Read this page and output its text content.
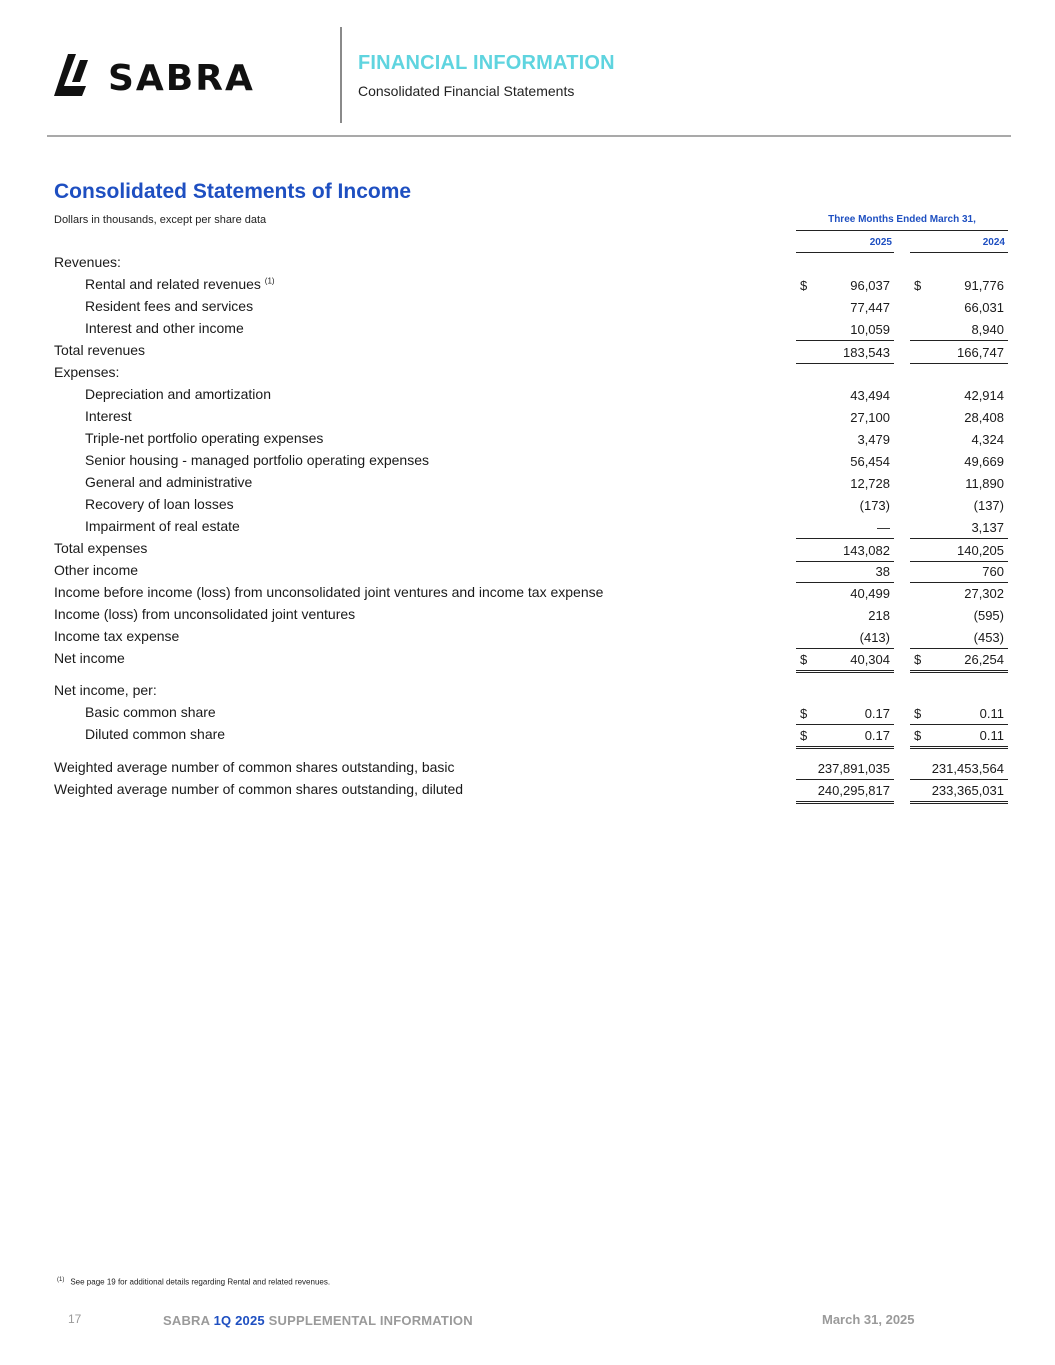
SABRA	FINANCIAL INFORMATION
Consolidated Financial Statements
Consolidated Statements of Income
Dollars in thousands, except per share data	Three Months Ended March 31,
2025	2024
Revenues:
Rental and related revenues $^{(1)}$	$	96,037 $	91,776
Resident fees and services	77,447	66,031
Interest and other income	10,059	8,940
Total revenues	183,543	166,747
Expenses:
Depreciation and amortization	43,494	42,914
Interest	27,100	28,408
Triple-net portfolio operating expenses	3,479	4,324
Senior housing - managed portfolio operating expenses	56,454	49,669
General and administrative	12,728	11,890
Recovery of loan losses	(173)	(137)
Impairment of real estate	—	3,137
Total expenses	143,082	140,205
Other income	38	760
Income before income (loss) from unconsolidated joint ventures and income tax expense	40,499	27,302
Income (loss) from unconsolidated joint ventures	218	(595)
Income tax expense	(413)	(453)
Net income	$	40,304 $	26,254
Net income, per:
Basic common share	$	0.17 $	0.11
Diluted common share	$	0.17 $	0.11
Weighted average number of common shares outstanding, basic	237,891,035	231,453,564
Weighted average number of common shares outstanding, diluted	240,295,817	233,365,031
$^{(1)}$ See page 19 for additional details regarding Rental and related revenues.
17	SABRA 1Q 2025 SUPPLEMENTAL INFORMATION	March 31, 2025
